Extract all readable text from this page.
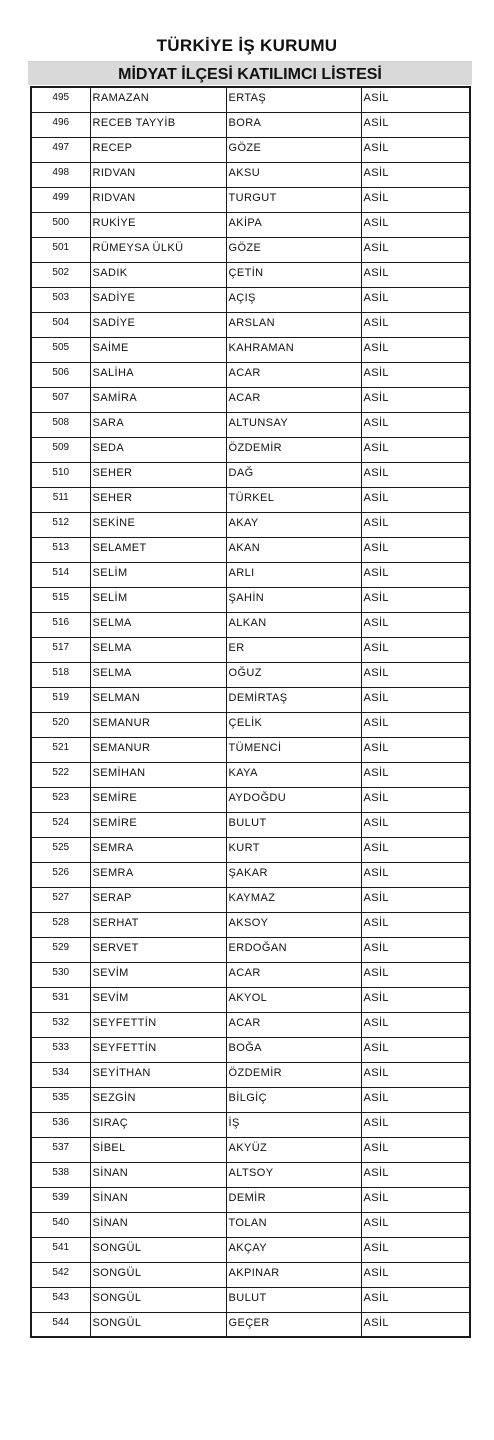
TÜRKİYE İŞ KURUMU
MİDYAT İLÇESİ KATILIMCI LİSTESİ
495	RAMAZAN	ERTAŞ	ASİL
496	RECEB TAYYİB	BORA	ASİL
497	RECEP	GÖZE	ASİL
498	RIDVAN	AKSU	ASİL
499	RIDVAN	TURGUT	ASİL
500	RUKİYE	AKİPA	ASİL
501	RÜMEYSA ÜLKÜ	GÖZE	ASİL
502	SADIK	ÇETİN	ASİL
503	SADİYE	AÇIŞ	ASİL
504	SADİYE	ARSLAN	ASİL
505	SAİME	KAHRAMAN	ASİL
506	SALİHA	ACAR	ASİL
507	SAMİRA	ACAR	ASİL
508	SARA	ALTUNSAY	ASİL
509	SEDA	ÖZDEMİR	ASİL
510	SEHER	DAĞ	ASİL
511	SEHER	TÜRKEL	ASİL
512	SEKİNE	AKAY	ASİL
513	SELAMET	AKAN	ASİL
514	SELİM	ARLI	ASİL
515	SELİM	ŞAHİN	ASİL
516	SELMA	ALKAN	ASİL
517	SELMA	ER	ASİL
518	SELMA	OĞUZ	ASİL
519	SELMAN	DEMİRTAŞ	ASİL
520	SEMANUR	ÇELİK	ASİL
521	SEMANUR	TÜMENCİ	ASİL
522	SEMİHAN	KAYA	ASİL
523	SEMİRE	AYDOĞDU	ASİL
524	SEMİRE	BULUT	ASİL
525	SEMRA	KURT	ASİL
526	SEMRA	ŞAKAR	ASİL
527	SERAP	KAYMAZ	ASİL
528	SERHAT	AKSOY	ASİL
529	SERVET	ERDOĞAN	ASİL
530	SEVİM	ACAR	ASİL
531	SEVİM	AKYOL	ASİL
532	SEYFETTİN	ACAR	ASİL
533	SEYFETTİN	BOĞA	ASİL
534	SEYİTHAN	ÖZDEMİR	ASİL
535	SEZGİN	BİLGİÇ	ASİL
536	SIRAÇ	İŞ	ASİL
537	SİBEL	AKYÜZ	ASİL
538	SİNAN	ALTSOY	ASİL
539	SİNAN	DEMİR	ASİL
540	SİNAN	TOLAN	ASİL
541	SONGÜL	AKÇAY	ASİL
542	SONGÜL	AKPINAR	ASİL
543	SONGÜL	BULUT	ASİL
544	SONGÜL	GEÇER	ASİL
